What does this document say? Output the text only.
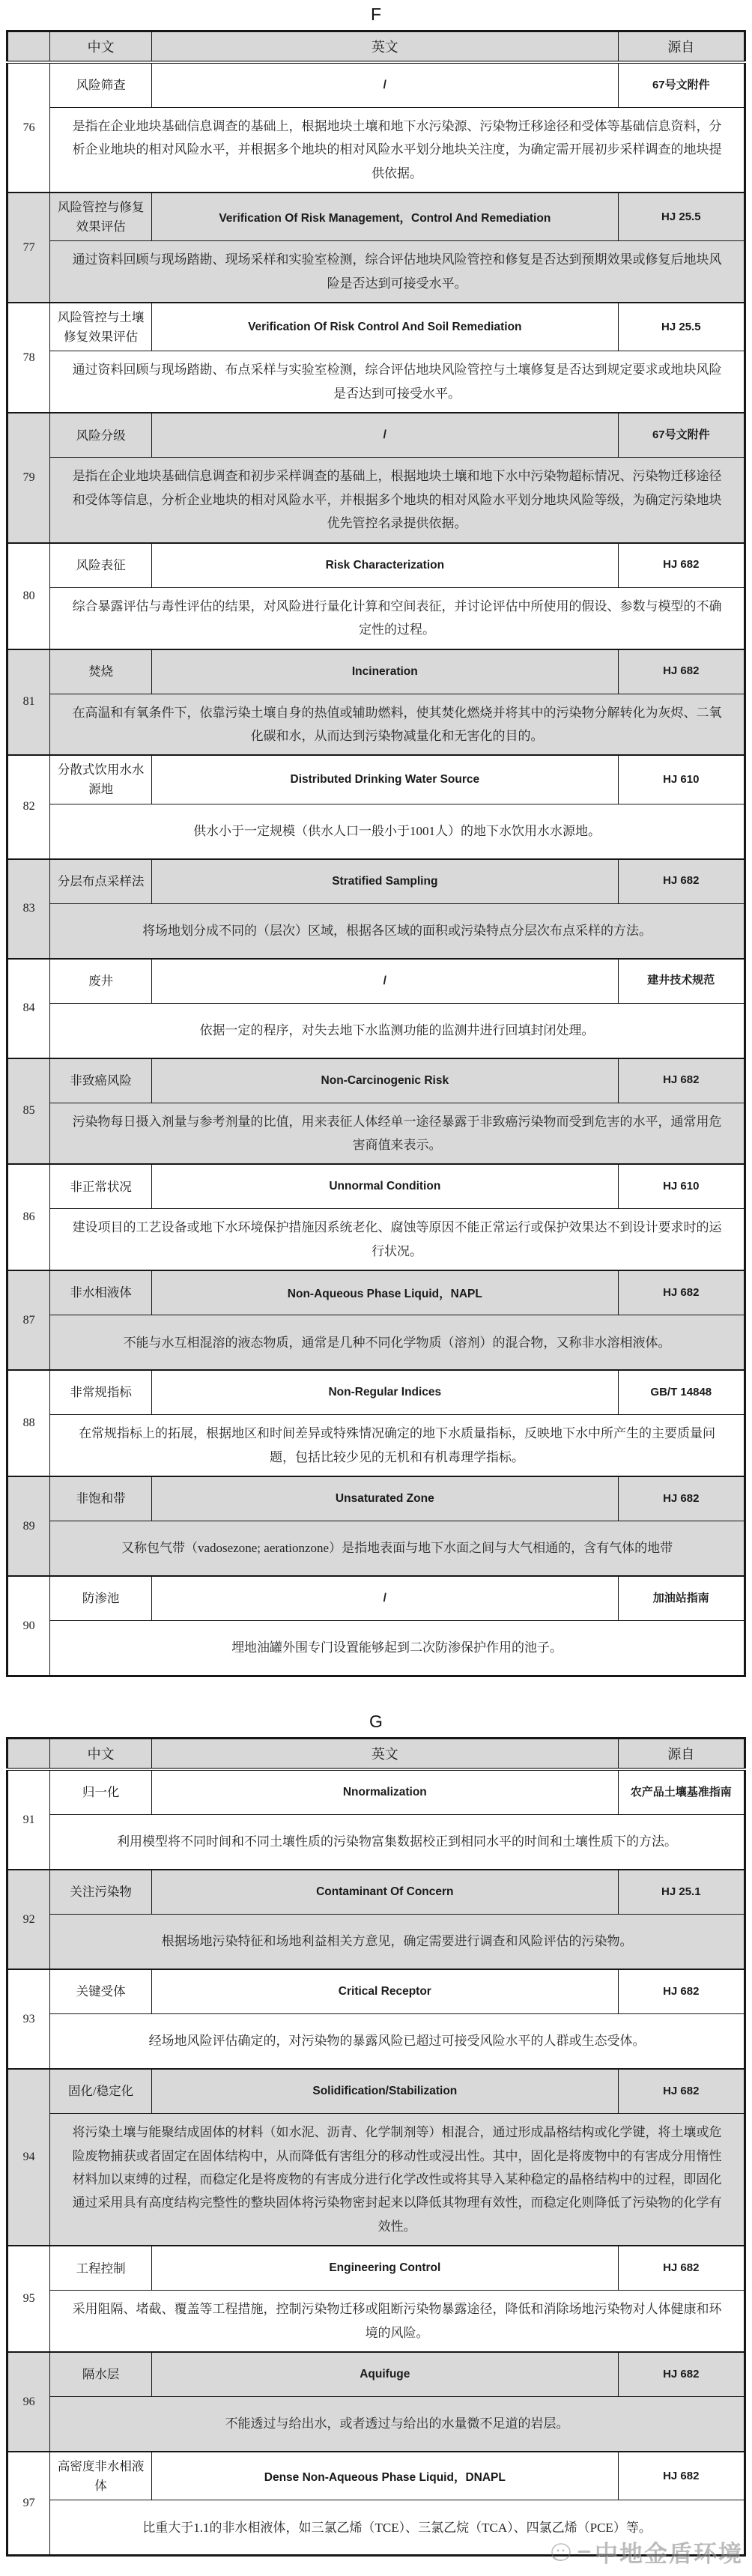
F
	中文	英文	源自
76	风险筛查	/	67号文附件
	是指在企业地块基础信息调查的基础上，根据地块土壤和地下水污染源、污染物迁移途径和受体等基础信息资料，分析企业地块的相对风险水平，并根据多个地块的相对风险水平划分地块关注度，为确定需开展初步采样调查的地块提供依据。		
77	风险管控与修复效果评估	Verification Of Risk Management，Control And Remediation	HJ 25.5
	通过资料回顾与现场踏勘、现场采样和实验室检测，综合评估地块风险管控和修复是否达到预期效果或修复后地块风险是否达到可接受水平。		
78	风险管控与土壤修复效果评估	Verification Of Risk Control And Soil Remediation	HJ 25.5
	通过资料回顾与现场踏勘、布点采样与实验室检测，综合评估地块风险管控与土壤修复是否达到规定要求或地块风险是否达到可接受水平。		
79	风险分级	/	67号文附件
	是指在企业地块基础信息调查和初步采样调查的基础上，根据地块土壤和地下水中污染物超标情况、污染物迁移途径和受体等信息，分析企业地块的相对风险水平，并根据多个地块的相对风险水平划分地块风险等级，为确定污染地块优先管控名录提供依据。		
80	风险表征	Risk Characterization	HJ 682
	综合暴露评估与毒性评估的结果，对风险进行量化计算和空间表征，并讨论评估中所使用的假设、参数与模型的不确定性的过程。		
81	焚烧	Incineration	HJ 682
	在高温和有氧条件下，依靠污染土壤自身的热值或辅助燃料，使其焚化燃烧并将其中的污染物分解转化为灰烬、二氧化碳和水，从而达到污染物减量化和无害化的目的。		
82	分散式饮用水水源地	Distributed Drinking Water Source	HJ 610
	供水小于一定规模（供水人口一般小于1001人）的地下水饮用水水源地。		
83	分层布点采样法	Stratified Sampling	HJ 682
	将场地划分成不同的（层次）区域，根据各区域的面积或污染特点分层次布点采样的方法。		
84	废井	/	建井技术规范
	依据一定的程序，对失去地下水监测功能的监测井进行回填封闭处理。		
85	非致癌风险	Non-Carcinogenic Risk	HJ 682
	污染物每日摄入剂量与参考剂量的比值，用来表征人体经单一途径暴露于非致癌污染物而受到危害的水平，通常用危害商值来表示。		
86	非正常状况	Unnormal Condition	HJ 610
	建设项目的工艺设备或地下水环境保护措施因系统老化、腐蚀等原因不能正常运行或保护效果达不到设计要求时的运行状况。		
87	非水相液体	Non-Aqueous Phase Liquid，NAPL	HJ 682
	不能与水互相混溶的液态物质，通常是几种不同化学物质（溶剂）的混合物，又称非水溶相液体。		
88	非常规指标	Non-Regular Indices	GB/T 14848
	在常规指标上的拓展，根据地区和时间差异或特殊情况确定的地下水质量指标，反映地下水中所产生的主要质量问题，包括比较少见的无机和有机毒理学指标。		
89	非饱和带	Unsaturated Zone	HJ 682
	又称包气带（vadosezone; aerationzone）是指地表面与地下水面之间与大气相通的，含有气体的地带		
90	防渗池	/	加油站指南
	埋地油罐外围专门设置能够起到二次防渗保护作用的池子。		
G
	中文	英文	源自
91	归一化	Nnormalization	农产品土壤基准指南
	利用模型将不同时间和不同土壤性质的污染物富集数据校正到相同水平的时间和土壤性质下的方法。		
92	关注污染物	Contaminant Of Concern	HJ 25.1
	根据场地污染特征和场地利益相关方意见，确定需要进行调查和风险评估的污染物。		
93	关键受体	Critical Receptor	HJ 682
	经场地风险评估确定的，对污染物的暴露风险已超过可接受风险水平的人群或生态受体。		
94	固化/稳定化	Solidification/Stabilization	HJ 682
	将污染土壤与能聚结成固体的材料（如水泥、沥青、化学制剂等）相混合，通过形成晶格结构或化学键，将土壤或危险废物捕获或者固定在固体结构中，从而降低有害组分的移动性或浸出性。其中，固化是将废物中的有害成分用惰性材料加以束缚的过程，而稳定化是将废物的有害成分进行化学改性或将其导入某种稳定的晶格结构中的过程，即固化通过采用具有高度结构完整性的整块固体将污染物密封起来以降低其物理有效性，而稳定化则降低了污染物的化学有效性。		
95	工程控制	Engineering Control	HJ 682
	采用阻隔、堵截、覆盖等工程措施，控制污染物迁移或阻断污染物暴露途径，降低和消除场地污染物对人体健康和环境的风险。		
96	隔水层	Aquifuge	HJ 682
	不能透过与给出水，或者透过与给出的水量微不足道的岩层。		
97	高密度非水相液体	Dense Non-Aqueous Phase Liquid，DNAPL	HJ 682
	比重大于1.1的非水相液体，如三氯乙烯（TCE）、三氯乙烷（TCA）、四氯乙烯（PCE）等。		
中地金盾环境
